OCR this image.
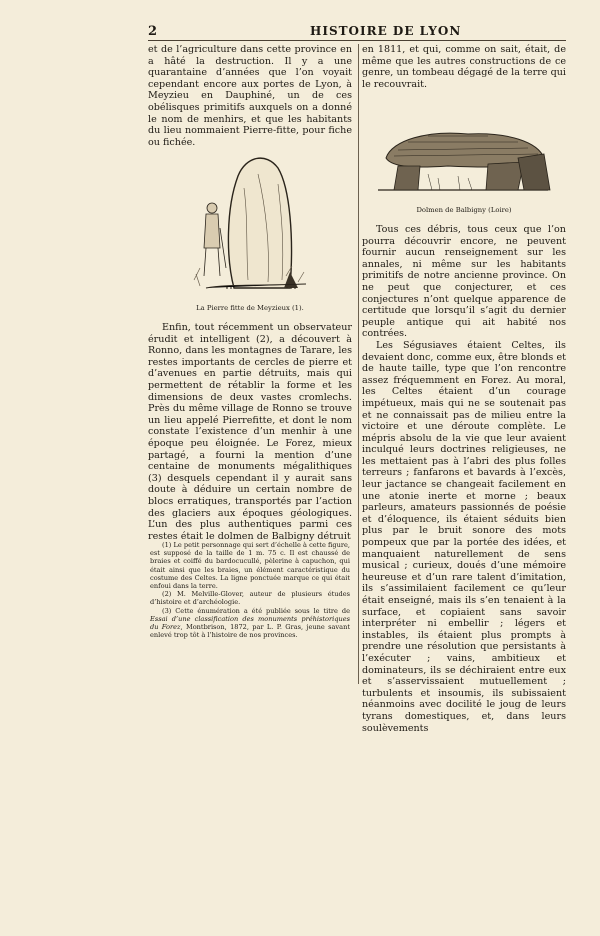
2	HISTOIRE DE LYON

et de l’agriculture dans cette province en a hâté la destruction. Il y a une quarantaine d’années que l’on voyait cependant encore aux portes de Lyon, à Meyzieu en Dauphiné, un de ces obélisques primitifs auxquels on a donné le nom de menhirs, et que les habitants du lieu nommaient Pierre-fitte, pour fiche ou fichée.

La Pierre fitte de Meyzieux (1).

Enfin, tout récemment un observateur érudit et intelligent (2), a découvert à Ronno, dans les montagnes de Tarare, les restes importants de cercles de pierre et d’avenues en partie détruits, mais qui permettent de rétablir la forme et les dimensions de deux vastes cromlechs. Près du même village de Ronno se trouve un lieu appelé Pierrefitte, et dont le nom constate l’existence d’un menhir à une époque peu éloignée. Le Forez, mieux partagé, a fourni la mention d’une centaine de monuments mégalithiques (3) desquels cependant il y aurait sans doute à déduire un certain nombre de blocs erratiques, transportés par l’action des glaciers aux époques géologiques. L’un des plus authentiques parmi ces restes était le dolmen de Balbigny détruit

(1) Le petit personnage qui sert d’échelle à cette figure, est supposé de la taille de 1 m. 75 c. Il est chaussé de braies et coiffé du bardocucullé, pèlerine à capuchon, qui était ainsi que les braies, un élément caractéristique du costume des Celtes. La ligne ponctuée marque ce qui était enfoui dans la terre.

(2) M. Melville-Glover, auteur de plusieurs études d’histoire et d’archéologie.

(3) Cette énumération a été publiée sous le titre de Essai d’une classification des monuments préhistoriques du Forez, Montbrison, 1872, par L. P. Gras, jeune savant enlevé trop tôt à l’histoire de nos provinces.

en 1811, et qui, comme on sait, était, de même que les autres constructions de ce genre, un tombeau dégagé de la terre qui le recouvrait.

Dolmen de Balbigny (Loire)

Tous ces débris, tous ceux que l’on pourra découvrir encore, ne peuvent fournir aucun renseignement sur les annales, ni même sur les habitants primitifs de notre ancienne province. On ne peut que conjecturer, et ces conjectures n’ont quelque apparence de certitude que lorsqu’il s’agit du dernier peuple antique qui ait habité nos contrées.

Les Ségusiaves étaient Celtes, ils devaient donc, comme eux, être blonds et de haute taille, type que l’on rencontre assez fréquemment en Forez. Au moral, les Celtes étaient d’un courage impétueux, mais qui ne se soutenait pas et ne connaissait pas de milieu entre la victoire et une déroute complète. Le mépris absolu de la vie que leur avaient inculqué leurs doctrines religieuses, ne les mettaient pas à l’abri des plus folles terreurs ; fanfarons et bavards à l’excès, leur jactance se changeait facilement en une atonie inerte et morne ; beaux parleurs, amateurs passionnés de poésie et d’éloquence, ils étaient séduits bien plus par le bruit sonore des mots pompeux que par la portée des idées, et manquaient naturellement de sens musical ; curieux, doués d’une mémoire heureuse et d’un rare talent d’imitation, ils s’assimilaient facilement ce qu’leur était enseigné, mais ils s’en tenaient à la surface, et copiaient sans savoir interpréter ni embellir ; légers et instables, ils étaient plus prompts à prendre une résolution que persistants à l’exécuter ; vains, ambitieux et dominateurs, ils se déchiraient entre eux et s’asservissaient mutuellement ; turbulents et insoumis, ils subissaient néanmoins avec docilité le joug de leurs tyrans domestiques, et, dans leurs soulèvements
